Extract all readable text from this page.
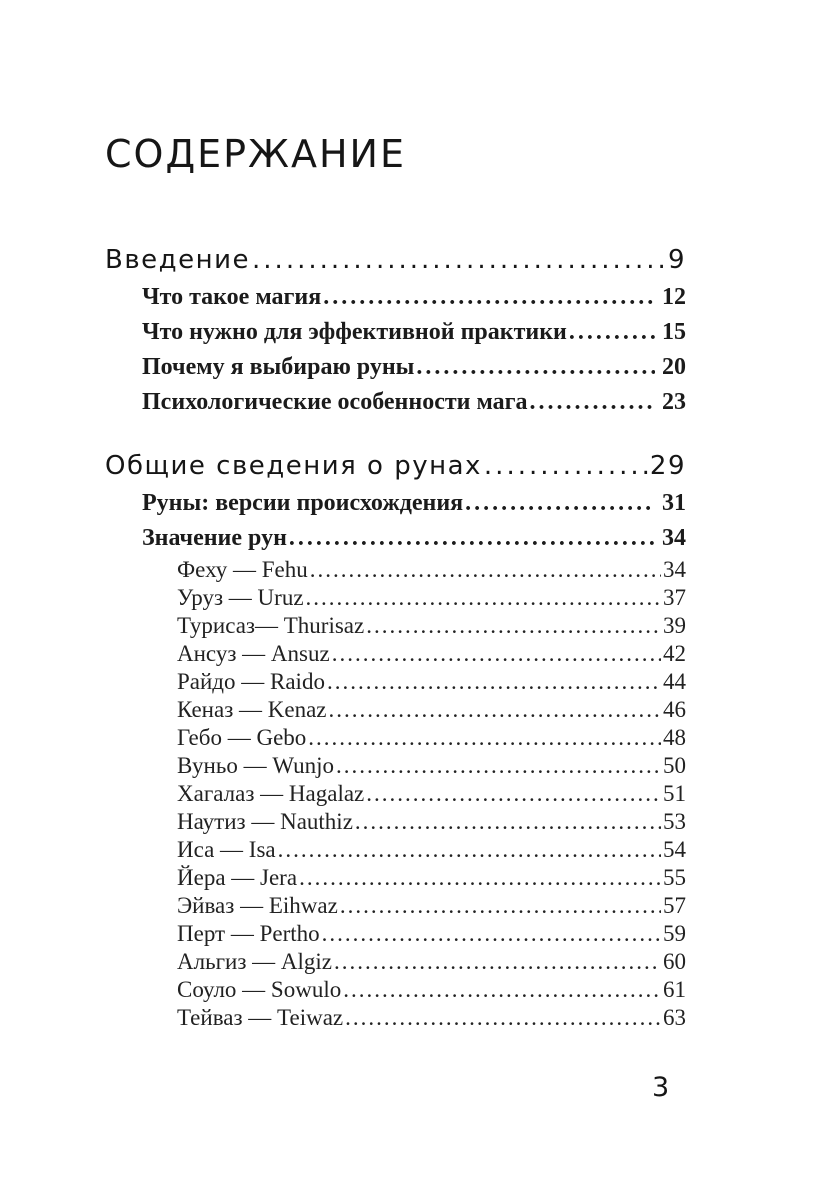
СОДЕРЖАНИЕ
Введение .....	9
Что такое магия .....	12
Что нужно для эффективной практики .....	15
Почему я выбираю руны .....	20
Психологические особенности мага .....	23
Общие сведения о рунах .....	29
Руны: версии происхождения .....	31
Значение рун .....	34
Феху — Fehu .....	34
Уруз — Uruz .....	37
Турисаз— Thurisaz .....	39
Ансуз — Ansuz .....	42
Райдо — Raido .....	44
Кеназ — Kenaz .....	46
Гебо — Gebo .....	48
Вуньо — Wunjo .....	50
Хагалаз — Hagalaz .....	51
Наутиз — Nauthiz .....	53
Иса — Isa .....	54
Йера — Jera .....	55
Эйваз — Eihwaz .....	57
Перт — Pertho .....	59
Альгиз — Algiz .....	60
Соуло — Sowulo .....	61
Тейваз — Teiwaz .....	63
3
